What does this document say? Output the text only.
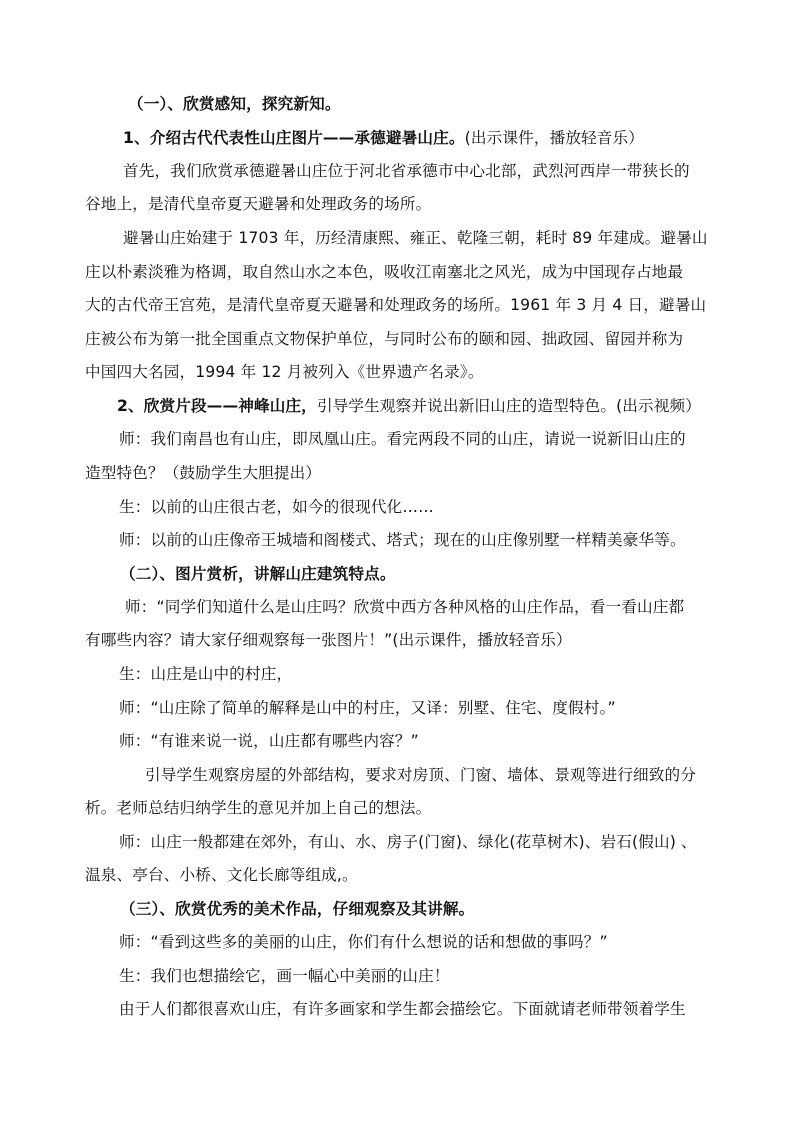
（一）、欣赏感知，探究新知。
1、介绍古代代表性山庄图片——承德避暑山庄。(出示课件，播放轻音乐）
首先，我们欣赏承德避暑山庄位于河北省承德市中心北部，武烈河西岸一带狭长的
谷地上，是清代皇帝夏天避暑和处理政务的场所。
避暑山庄始建于 1703 年，历经清康熙、雍正、乾隆三朝，耗时 89 年建成。避暑山
庄以朴素淡雅为格调，取自然山水之本色，吸收江南塞北之风光，成为中国现存占地最
大的古代帝王宫苑，是清代皇帝夏天避暑和处理政务的场所。1961 年 3 月 4 日，避暑山
庄被公布为第一批全国重点文物保护单位，与同时公布的颐和园、拙政园、留园并称为
中国四大名园，1994 年 12 月被列入《世界遗产名录》。
2、欣赏片段——神峰山庄，引导学生观察并说出新旧山庄的造型特色。(出示视频）
师：我们南昌也有山庄，即凤凰山庄。看完两段不同的山庄，请说一说新旧山庄的
造型特色？（鼓励学生大胆提出）
生：以前的山庄很古老，如今的很现代化……
师：以前的山庄像帝王城墙和阁楼式、塔式；现在的山庄像别墅一样精美豪华等。
（二）、图片赏析，讲解山庄建筑特点。
师：“同学们知道什么是山庄吗？欣赏中西方各种风格的山庄作品，看一看山庄都
有哪些内容？请大家仔细观察每一张图片！”(出示课件，播放轻音乐）
生：山庄是山中的村庄，
师：“山庄除了简单的解释是山中的村庄，又译：别墅、住宅、度假村。”
师：“有谁来说一说，山庄都有哪些内容？”
引导学生观察房屋的外部结构，要求对房顶、门窗、墙体、景观等进行细致的分
析。老师总结归纳学生的意见并加上自己的想法。
师：山庄一般都建在郊外，有山、水、房子(门窗)、绿化(花草树木)、岩石(假山) 、
温泉、亭台、小桥、文化长廊等组成,。
（三）、欣赏优秀的美术作品，仔细观察及其讲解。
师：“看到这些多的美丽的山庄，你们有什么想说的话和想做的事吗？”
生：我们也想描绘它，画一幅心中美丽的山庄！
由于人们都很喜欢山庄，有许多画家和学生都会描绘它。下面就请老师带领着学生
